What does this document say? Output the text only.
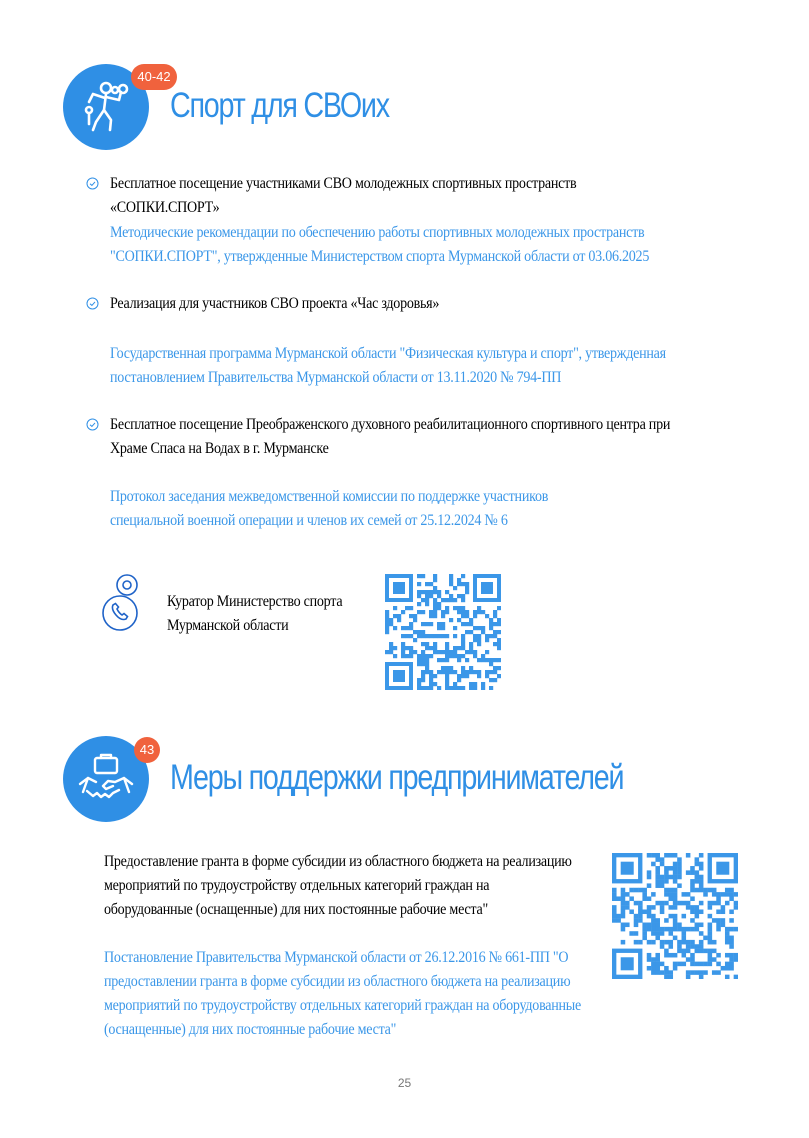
40-42
Спорт для СВОих
Бесплатное посещение участниками СВО молодежных спортивных пространств «СОПКИ.СПОРТ»
Методические рекомендации по обеспечению работы спортивных молодежных пространств "СОПКИ.СПОРТ", утвержденные Министерством спорта Мурманской области от 03.06.2025
Реализация для участников СВО проекта «Час здоровья»
Государственная программа Мурманской области "Физическая культура и спорт", утвержденная постановлением Правительства Мурманской области от 13.11.2020 № 794-ПП
Бесплатное посещение Преображенского духовного реабилитационного спортивного центра при Храме Спаса на Водах в г. Мурманске
Протокол заседания межведомственной комиссии по поддержке участников специальной военной операции и членов их семей от 25.12.2024 № 6
Куратор Министерство спорта Мурманской области
43
Меры поддержки предпринимателей
Предоставление гранта в форме субсидии из областного бюджета на реализацию мероприятий по трудоустройству отдельных категорий граждан на оборудованные (оснащенные) для них постоянные рабочие места"
Постановление Правительства Мурманской области от 26.12.2016 № 661-ПП "О предоставлении гранта в форме субсидии из областного бюджета на реализацию мероприятий по трудоустройству отдельных категорий граждан на оборудованные (оснащенные) для них постоянные рабочие места"
25
